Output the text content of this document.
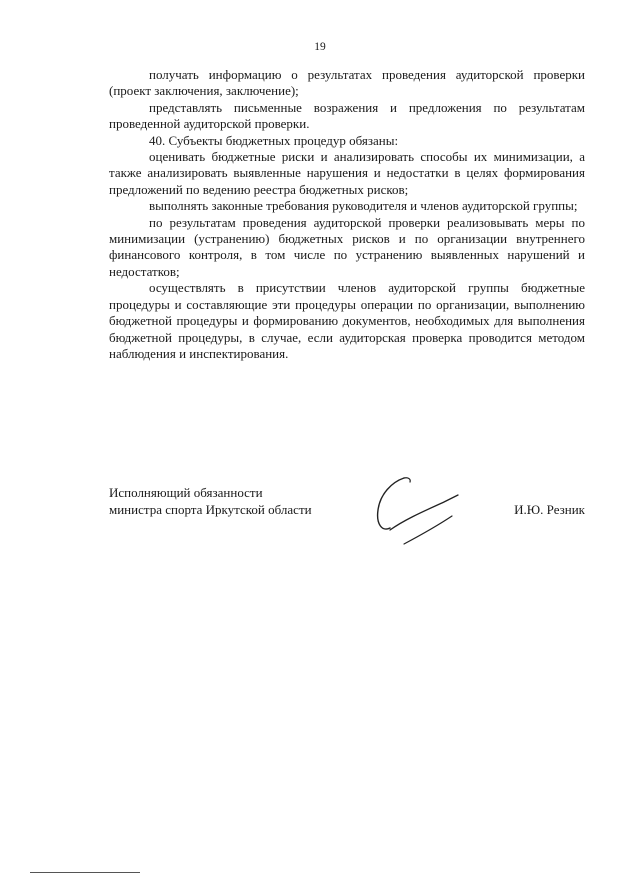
19

получать информацию о результатах проведения аудиторской проверки (проект заключения, заключение);

представлять письменные возражения и предложения по результатам проведенной аудиторской проверки.

40. Субъекты бюджетных процедур обязаны:

оценивать бюджетные риски и анализировать способы их минимизации, а также анализировать выявленные нарушения и недостатки в целях формирования предложений по ведению реестра бюджетных рисков;

выполнять законные требования руководителя и членов аудиторской группы;

по результатам проведения аудиторской проверки реализовывать меры по минимизации (устранению) бюджетных рисков и по организации внутреннего финансового контроля, в том числе по устранению выявленных нарушений и недостатков;

осуществлять в присутствии членов аудиторской группы бюджетные процедуры и составляющие эти процедуры операции по организации, выполнению бюджетной процедуры и формированию документов, необходимых для выполнения бюджетной процедуры, в случае, если аудиторская проверка проводится методом наблюдения и инспектирования.

Исполняющий обязанности
министра спорта Иркутской области	И.Ю. Резник
